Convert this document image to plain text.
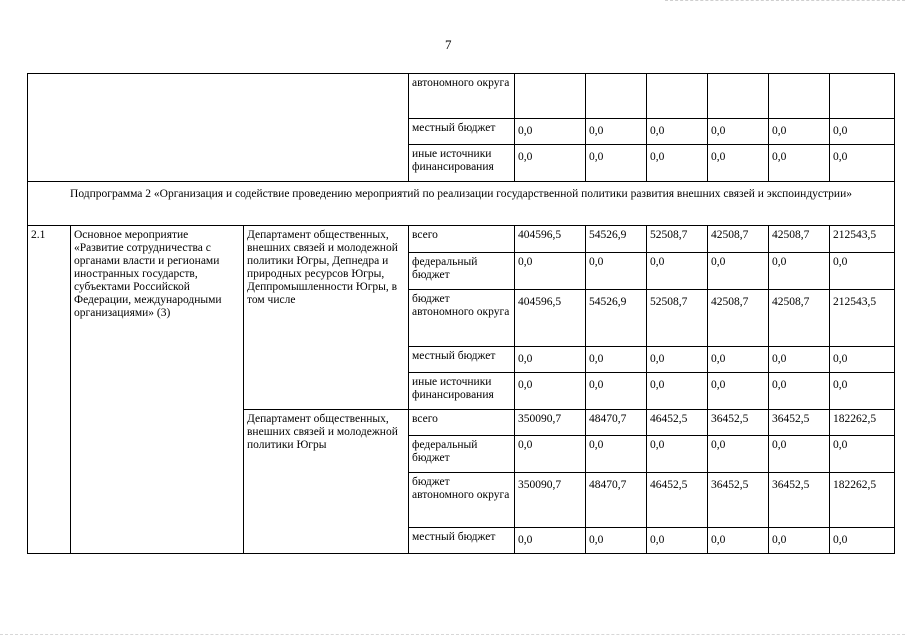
7
			автономного округа						
			местный бюджет	0,0	0,0	0,0	0,0	0,0	0,0
			иные источники финансирования	0,0	0,0	0,0	0,0	0,0	0,0
Подпрограмма 2 «Организация и содействие проведению мероприятий по реализации государственной политики развития внешних связей и экспоиндустрии»									
2.1	Основное мероприятие «Развитие сотрудничества с органами власти и регионами иностранных государств, субъектами Российской Федерации, международными организациями» (3)	Департамент общественных, внешних связей и молодежной политики Югры, Депнедра и природных ресурсов Югры, Деппромышленности Югры, в том числе	всего	404596,5	54526,9	52508,7	42508,7	42508,7	212543,5
			федеральный бюджет	0,0	0,0	0,0	0,0	0,0	0,0
			бюджет автономного округа	404596,5	54526,9	52508,7	42508,7	42508,7	212543,5
			местный бюджет	0,0	0,0	0,0	0,0	0,0	0,0
			иные источники финансирования	0,0	0,0	0,0	0,0	0,0	0,0
		Департамент общественных, внешних связей и молодежной политики Югры	всего	350090,7	48470,7	46452,5	36452,5	36452,5	182262,5
			федеральный бюджет	0,0	0,0	0,0	0,0	0,0	0,0
			бюджет автономного округа	350090,7	48470,7	46452,5	36452,5	36452,5	182262,5
			местный бюджет	0,0	0,0	0,0	0,0	0,0	0,0
